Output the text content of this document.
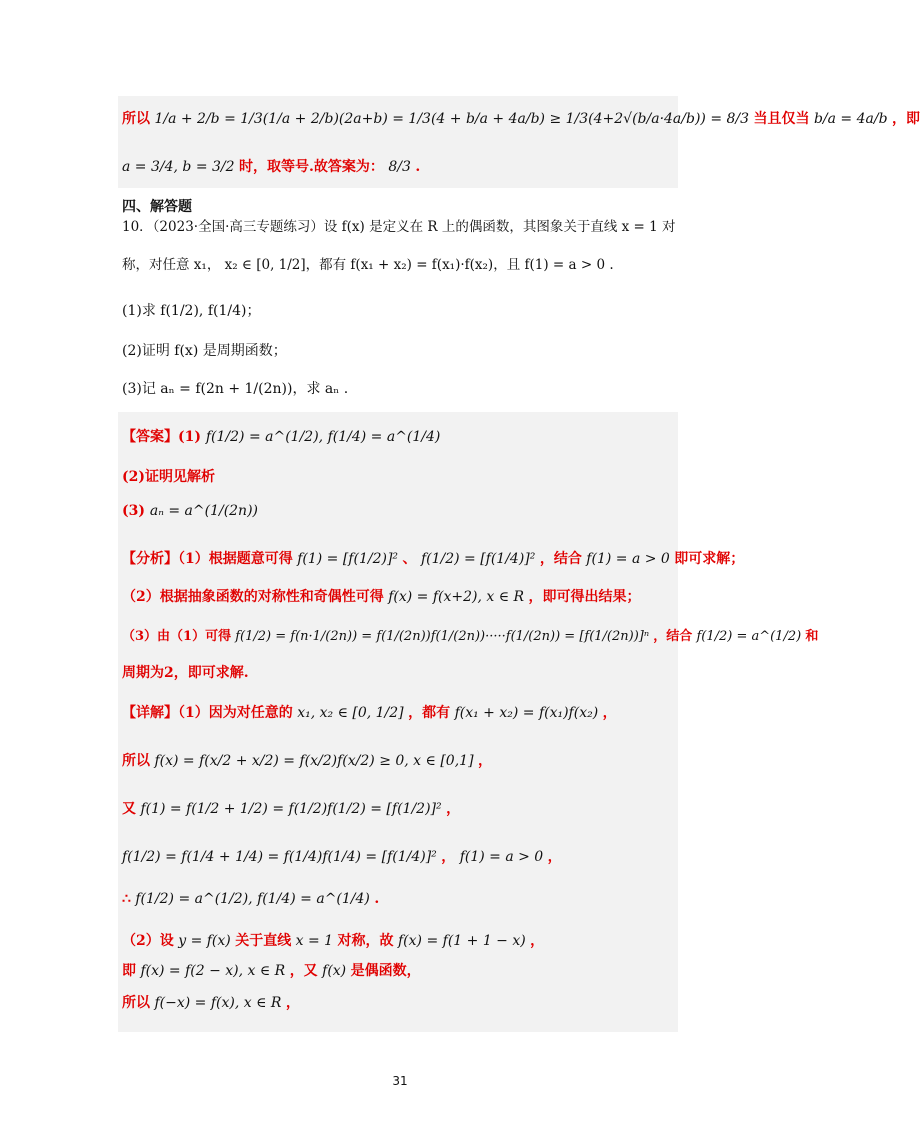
所以 1/a + 2/b = 1/3(1/a + 2/b)(2a+b) = 1/3(4 + b/a + 4a/b) ≥ 1/3(4+2√(b/a·4a/b)) = 8/3 当且仅当 b/a = 4a/b ，即
a = 3/4, b = 3/2 时，取等号.故答案为： 8/3 .
四、解答题
10．（2023·全国·高三专题练习）设 f(x) 是定义在 R 上的偶函数，其图象关于直线 x = 1 对
称，对任意 x₁， x₂ ∈ [0, 1/2]，都有 f(x₁ + x₂) = f(x₁)·f(x₂)，且 f(1) = a > 0 .
(1)求 f(1/2), f(1/4)；
(2)证明 f(x) 是周期函数；
(3)记 aₙ = f(2n + 1/(2n))，求 aₙ .
【答案】(1) f(1/2) = a^(1/2), f(1/4) = a^(1/4)
(2)证明见解析
(3) aₙ = a^(1/(2n))
【分析】（1）根据题意可得 f(1) = [f(1/2)]² 、 f(1/2) = [f(1/4)]² ，结合 f(1) = a > 0 即可求解；
（2）根据抽象函数的对称性和奇偶性可得 f(x) = f(x+2), x ∈ R ，即可得出结果；
（3）由（1）可得 f(1/2) = f(n·1/(2n)) = f(1/(2n))f(1/(2n))·····f(1/(2n)) = [f(1/(2n))]ⁿ ，结合 f(1/2) = a^(1/2) 和
周期为2，即可求解.
【详解】（1）因为对任意的 x₁, x₂ ∈ [0, 1/2] ，都有 f(x₁ + x₂) = f(x₁)f(x₂) ，
所以 f(x) = f(x/2 + x/2) = f(x/2)f(x/2) ≥ 0, x ∈ [0,1] ，
又 f(1) = f(1/2 + 1/2) = f(1/2)f(1/2) = [f(1/2)]² ，
f(1/2) = f(1/4 + 1/4) = f(1/4)f(1/4) = [f(1/4)]² ， f(1) = a > 0 ，
∴ f(1/2) = a^(1/2), f(1/4) = a^(1/4) .
（2）设 y = f(x) 关于直线 x = 1 对称，故 f(x) = f(1 + 1 − x) ，
即 f(x) = f(2 − x), x ∈ R ，又 f(x) 是偶函数，
所以 f(−x) = f(x), x ∈ R ，
31
